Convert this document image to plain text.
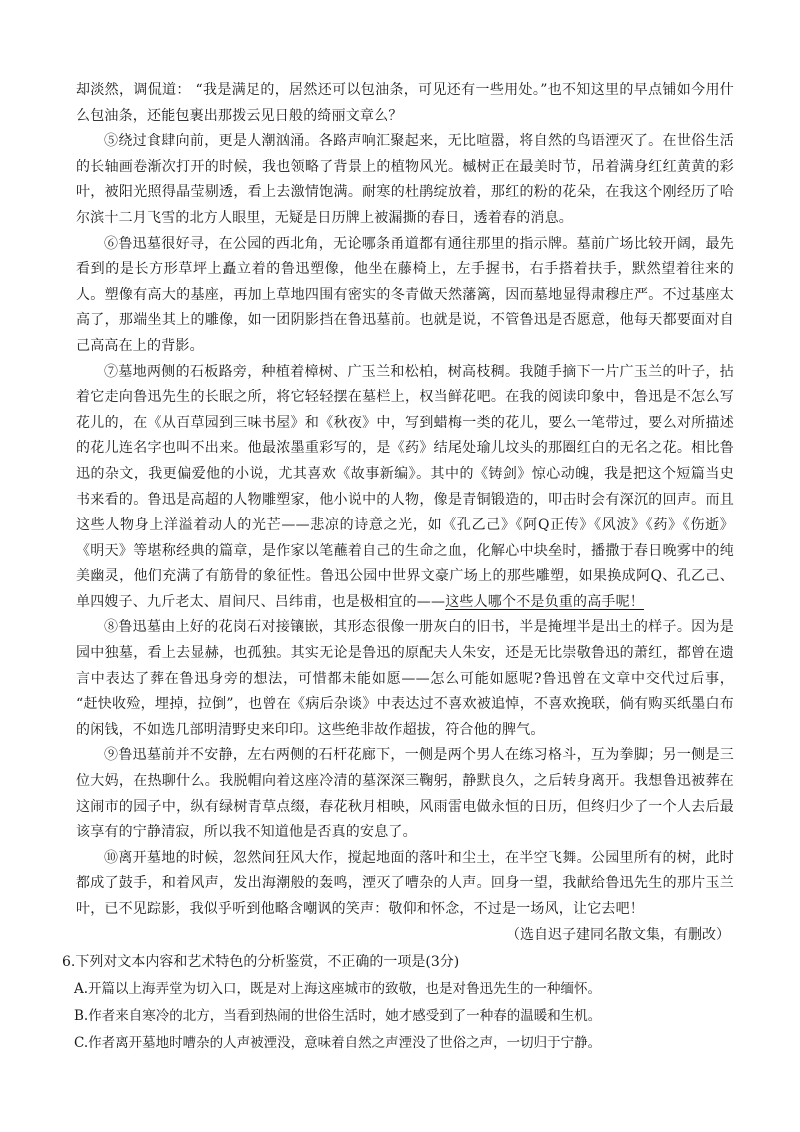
却淡然，调侃道： “我是满足的，居然还可以包油条，可见还有一些用处。”也不知这里的早点铺如今用什么包油条，还能包裹出那拨云见日般的绮丽文章么？

⑤绕过食肆向前，更是人潮汹涌。各路声响汇聚起来，无比喧嚣，将自然的鸟语湮灭了。在世俗生活的长轴画卷渐次打开的时候，我也领略了背景上的植物风光。槭树正在最美时节，吊着满身红红黄黄的彩叶，被阳光照得晶莹剔透，看上去激情饱满。耐寒的杜鹃绽放着，那红的粉的花朵，在我这个刚经历了哈尔滨十二月飞雪的北方人眼里，无疑是日历牌上被漏撕的春日，透着春的消息。

⑥鲁迅墓很好寻，在公园的西北角，无论哪条甬道都有通往那里的指示牌。墓前广场比较开阔，最先看到的是长方形草坪上矗立着的鲁迅塑像，他坐在藤椅上，左手握书，右手搭着扶手，默然望着往来的人。塑像有高大的基座，再加上草地四围有密实的冬青做天然藩篱，因而墓地显得肃穆庄严。不过基座太高了，那端坐其上的雕像，如一团阴影挡在鲁迅墓前。也就是说，不管鲁迅是否愿意，他每天都要面对自己高高在上的背影。

⑦墓地两侧的石板路旁，种植着樟树、广玉兰和松柏，树高枝稠。我随手摘下一片广玉兰的叶子，拈着它走向鲁迅先生的长眠之所，将它轻轻摆在墓栏上，权当鲜花吧。在我的阅读印象中，鲁迅是不怎么写花儿的，在《从百草园到三味书屋》和《秋夜》中，写到蜡梅一类的花儿，要么一笔带过，要么对所描述的花儿连名字也叫不出来。他最浓墨重彩写的，是《药》结尾处瑜儿坟头的那圈红白的无名之花。相比鲁迅的杂文，我更偏爱他的小说，尤其喜欢《故事新编》。其中的《铸剑》惊心动魄，我是把这个短篇当史书来看的。鲁迅是高超的人物雕塑家，他小说中的人物，像是青铜锻造的，叩击时会有深沉的回声。而且这些人物身上洋溢着动人的光芒——悲凉的诗意之光，如《孔乙己》《阿Q正传》《风波》《药》《伤逝》《明天》等堪称经典的篇章，是作家以笔蘸着自己的生命之血，化解心中块垒时，播撒于春日晚雾中的纯美幽灵，他们充满了有筋骨的象征性。鲁迅公园中世界文豪广场上的那些雕塑，如果换成阿Q、孔乙己、单四嫂子、九斤老太、眉间尺、吕纬甫，也是极相宜的——这些人哪个不是负重的高手呢！

⑧鲁迅墓由上好的花岗石对接镶嵌，其形态很像一册灰白的旧书，半是掩埋半是出土的样子。因为是园中独墓，看上去显赫，也孤独。其实无论是鲁迅的原配夫人朱安，还是无比崇敬鲁迅的萧红，都曾在遗言中表达了葬在鲁迅身旁的想法，可惜都未能如愿——怎么可能如愿呢?鲁迅曾在文章中交代过后事， “赶快收殓，埋掉，拉倒”，也曾在《病后杂谈》中表达过不喜欢被追悼，不喜欢挽联，倘有购买纸墨白布的闲钱，不如选几部明清野史来印印。这些绝非故作超拔，符合他的脾气。

⑨鲁迅墓前并不安静，左右两侧的石杆花廊下，一侧是两个男人在练习格斗，互为拳脚；另一侧是三位大妈，在热聊什么。我脱帽向着这座冷清的墓深深三鞠躬，静默良久，之后转身离开。我想鲁迅被葬在这闹市的园子中，纵有绿树青草点缀，春花秋月相映，风雨雷电做永恒的日历，但终归少了一个人去后最该享有的宁静清寂，所以我不知道他是否真的安息了。

⑩离开墓地的时候，忽然间狂风大作，搅起地面的落叶和尘土，在半空飞舞。公园里所有的树，此时都成了鼓手，和着风声，发出海潮般的轰鸣，湮灭了嘈杂的人声。回身一望，我献给鲁迅先生的那片玉兰叶，已不见踪影，我似乎听到他略含嘲讽的笑声：敬仰和怀念，不过是一场风，让它去吧！

（选自迟子建同名散文集，有删改）

6.下列对文本内容和艺术特色的分析鉴赏，不正确的一项是(3分)

A.开篇以上海弄堂为切入口，既是对上海这座城市的致敬，也是对鲁迅先生的一种缅怀。

B.作者来自寒冷的北方，当看到热闹的世俗生活时，她才感受到了一种春的温暖和生机。

C.作者离开墓地时嘈杂的人声被湮没，意味着自然之声湮没了世俗之声，一切归于宁静。
